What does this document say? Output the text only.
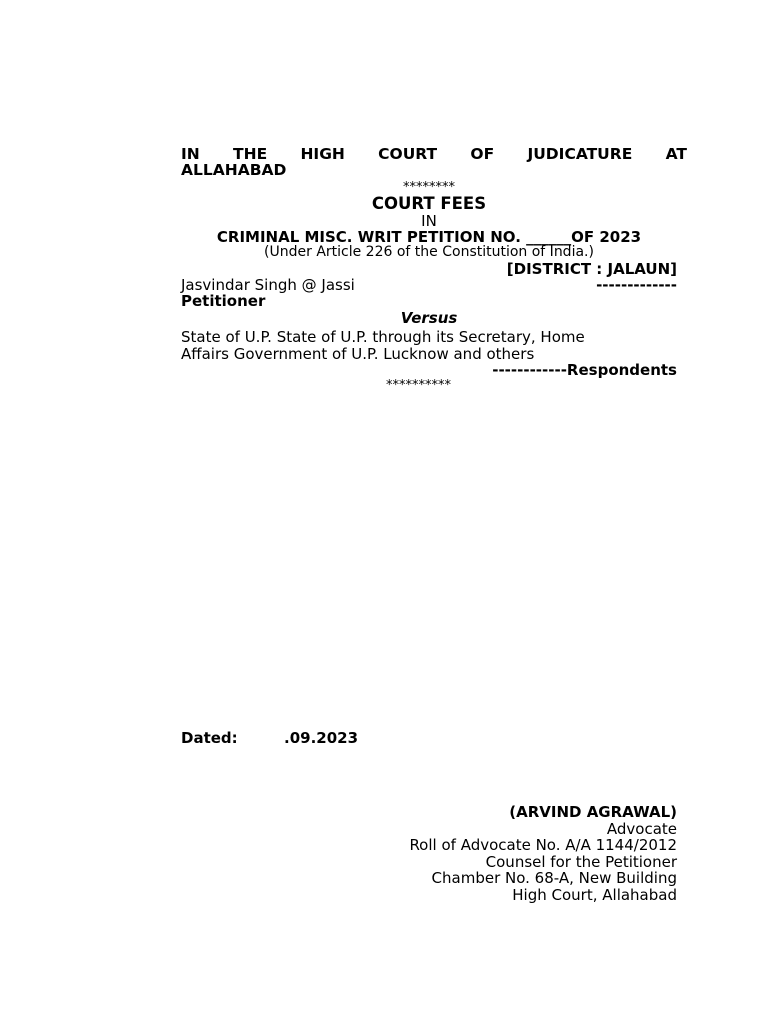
IN THE HIGH COURT OF JUDICATURE AT
ALLAHABAD
********
COURT FEES
IN
CRIMINAL MISC. WRIT PETITION NO. ______OF 2023
(Under Article 226 of the Constitution of India.)
[DISTRICT : JALAUN]
Jasvindar Singh @ Jassi	-------------
Petitioner
Versus
State of U.P. State of U.P. through its Secretary, Home
Affairs Government of U.P. Lucknow and others
------------Respondents
**********
Dated:	.09.2023
(ARVIND AGRAWAL)
Advocate
Roll of Advocate No. A/A 1144/2012
Counsel for the Petitioner
Chamber No. 68-A, New Building
High Court, Allahabad
